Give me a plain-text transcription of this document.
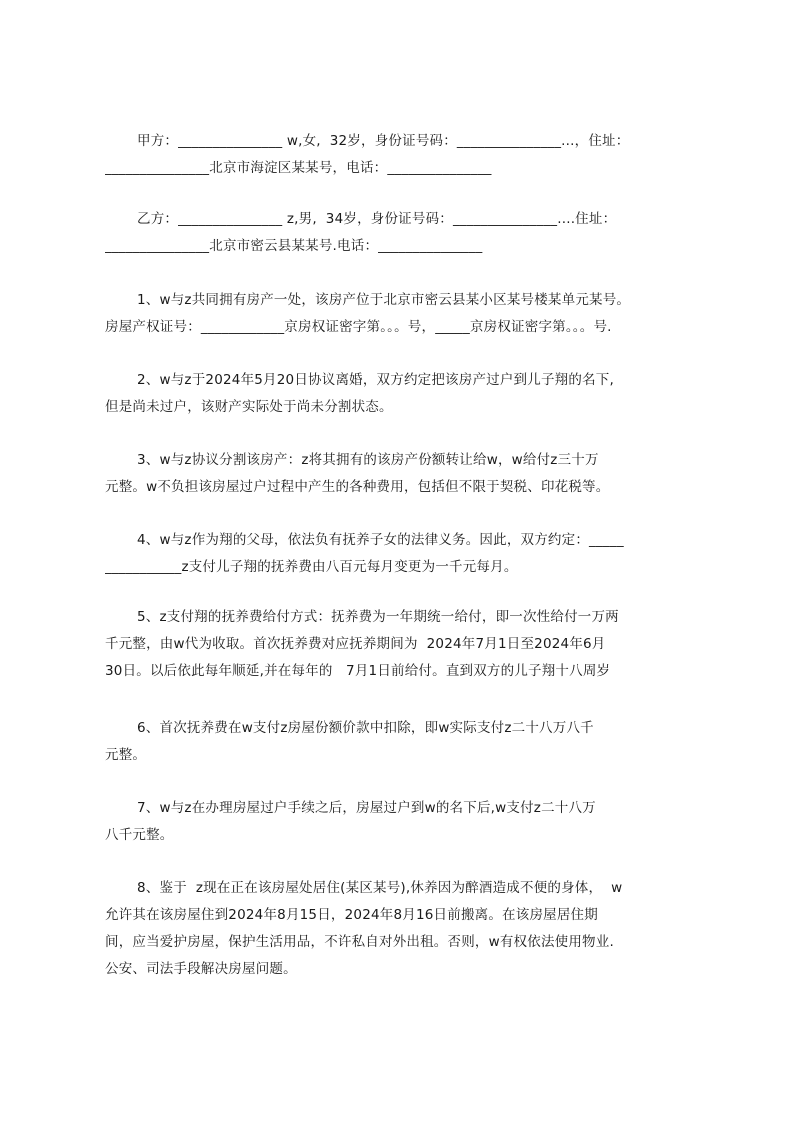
甲方：_______________ w,女,  32岁，身份证号码：_______________...，住址：
_______________北京市海淀区某某号，电话：_______________
乙方：_______________ z,男,  34岁，身份证号码：_______________....住址：
_______________北京市密云县某某号.电话：_______________
1、w与z共同拥有房产一处，该房产位于北京市密云县某小区某号楼某单元某号。
房屋产权证号：____________京房权证密字第。。。号，_____京房权证密字第。。。号.
2、w与z于2024年5月20日协议离婚，双方约定把该房产过户到儿子翔的名下,
但是尚未过户，该财产实际处于尚未分割状态。
3、w与z协议分割该房产：z将其拥有的该房产份额转让给w，w给付z三十万
元整。w不负担该房屋过户过程中产生的各种费用，包括但不限于契税、印花税等。
4、w与z作为翔的父母，依法负有抚养子女的法律义务。因此，双方约定：_____
___________z支付儿子翔的抚养费由八百元每月变更为一千元每月。
5、z支付翔的抚养费给付方式：抚养费为一年期统一给付，即一次性给付一万两
千元整，由w代为收取。首次抚养费对应抚养期间为  2024年7月1日至2024年6月
30日。以后依此每年顺延,并在每年的   7月1日前给付。直到双方的儿子翔十八周岁
6、首次抚养费在w支付z房屋份额价款中扣除，即w实际支付z二十八万八千
元整。
7、w与z在办理房屋过户手续之后，房屋过户到w的名下后,w支付z二十八万
八千元整。
8、鉴于  z现在正在该房屋处居住(某区某号),休养因为醉酒造成不便的身体，  w
允许其在该房屋住到2024年8月15日，2024年8月16日前搬离。在该房屋居住期
间，应当爱护房屋，保护生活用品，不许私自对外出租。否则，w有权依法使用物业.
公安、司法手段解决房屋问题。
